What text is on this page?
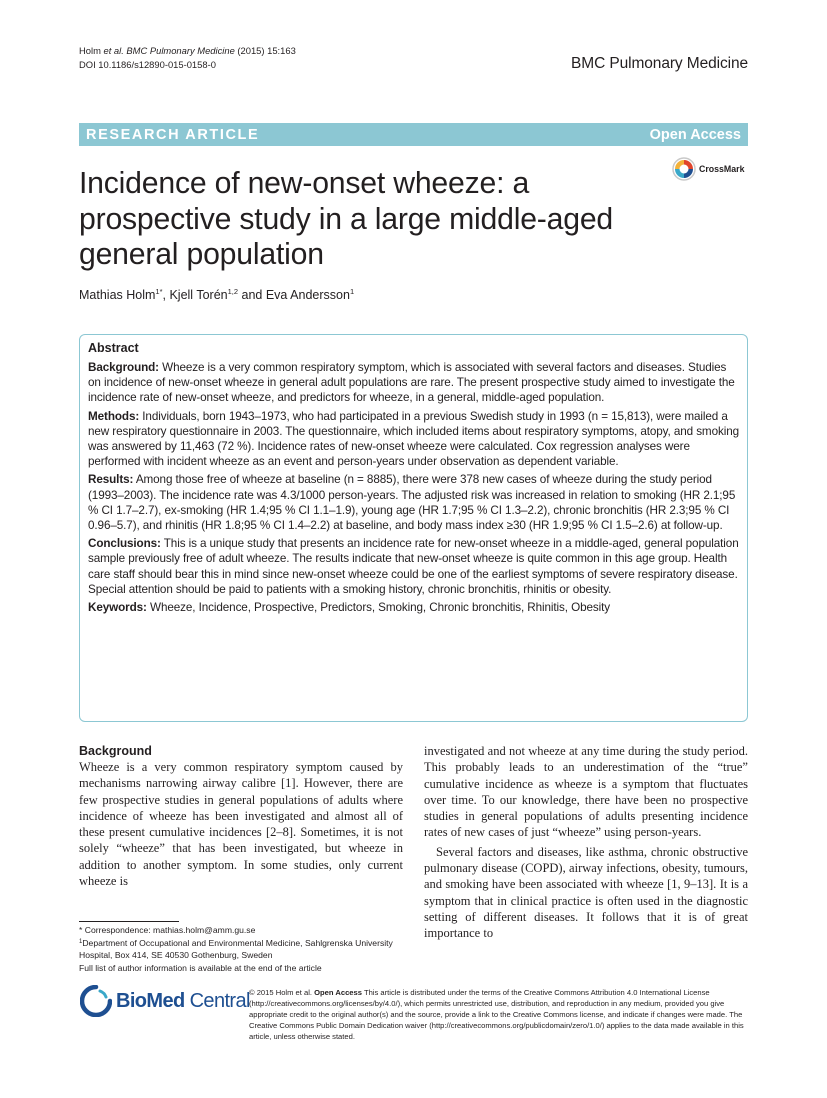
Holm et al. BMC Pulmonary Medicine (2015) 15:163
DOI 10.1186/s12890-015-0158-0	BMC Pulmonary Medicine
RESEARCH ARTICLE	Open Access
CrossMark
Incidence of new-onset wheeze: a prospective study in a large middle-aged general population
Mathias Holm$^{1*}$, Kjell Torén$^{1,2}$ and Eva Andersson$^1$
Abstract

Background: Wheeze is a very common respiratory symptom, which is associated with several factors and diseases. Studies on incidence of new-onset wheeze in general adult populations are rare. The present prospective study aimed to investigate the incidence rate of new-onset wheeze, and predictors for wheeze, in a general, middle-aged population.

Methods: Individuals, born 1943–1973, who had participated in a previous Swedish study in 1993 (n = 15,813), were mailed a new respiratory questionnaire in 2003. The questionnaire, which included items about respiratory symptoms, atopy, and smoking was answered by 11,463 (72 %). Incidence rates of new-onset wheeze were calculated. Cox regression analyses were performed with incident wheeze as an event and person-years under observation as dependent variable.

Results: Among those free of wheeze at baseline (n = 8885), there were 378 new cases of wheeze during the study period (1993–2003). The incidence rate was 4.3/1000 person-years. The adjusted risk was increased in relation to smoking (HR 2.1;95 % CI 1.7–2.7), ex-smoking (HR 1.4;95 % CI 1.1–1.9), young age (HR 1.7;95 % CI 1.3–2.2), chronic bronchitis (HR 2.3;95 % CI 0.96–5.7), and rhinitis (HR 1.8;95 % CI 1.4–2.2) at baseline, and body mass index ≥30 (HR 1.9;95 % CI 1.5–2.6) at follow-up.

Conclusions: This is a unique study that presents an incidence rate for new-onset wheeze in a middle-aged, general population sample previously free of adult wheeze. The results indicate that new-onset wheeze is quite common in this age group. Health care staff should bear this in mind since new-onset wheeze could be one of the earliest symptoms of severe respiratory disease. Special attention should be paid to patients with a smoking history, chronic bronchitis, rhinitis or obesity.

Keywords: Wheeze, Incidence, Prospective, Predictors, Smoking, Chronic bronchitis, Rhinitis, Obesity

Background

Wheeze is a very common respiratory symptom caused by mechanisms narrowing airway calibre [1]. However, there are few prospective studies in general populations of adults where incidence of wheeze has been investigated and almost all of these present cumulative incidences [2–8]. Sometimes, it is not solely “wheeze” that has been investigated, but wheeze in addition to another symptom. In some studies, only current wheeze is

investigated and not wheeze at any time during the study period. This probably leads to an underestimation of the “true” cumulative incidence as wheeze is a symptom that fluctuates over time. To our knowledge, there have been no prospective studies in general populations of adults presenting incidence rates of new cases of just “wheeze” using person-years.

Several factors and diseases, like asthma, chronic obstructive pulmonary disease (COPD), airway infections, obesity, tumours, and smoking have been associated with wheeze [1, 9–13]. It is a symptom that in clinical practice is often used in the diagnostic setting of different diseases. It follows that it is of great importance to

* Correspondence: mathias.holm@amm.gu.se
$^1$Department of Occupational and Environmental Medicine, Sahlgrenska University Hospital, Box 414, SE 40530 Gothenburg, Sweden
Full list of author information is available at the end of the article
BioMed Central © 2015 Holm et al. Open Access This article is distributed under the terms of the Creative Commons Attribution 4.0 International License (http://creativecommons.org/licenses/by/4.0/), which permits unrestricted use, distribution, and reproduction in any medium, provided you give appropriate credit to the original author(s) and the source, provide a link to the Creative Commons license, and indicate if changes were made. The Creative Commons Public Domain Dedication waiver (http://creativecommons.org/publicdomain/zero/1.0/) applies to the data made available in this article, unless otherwise stated.
